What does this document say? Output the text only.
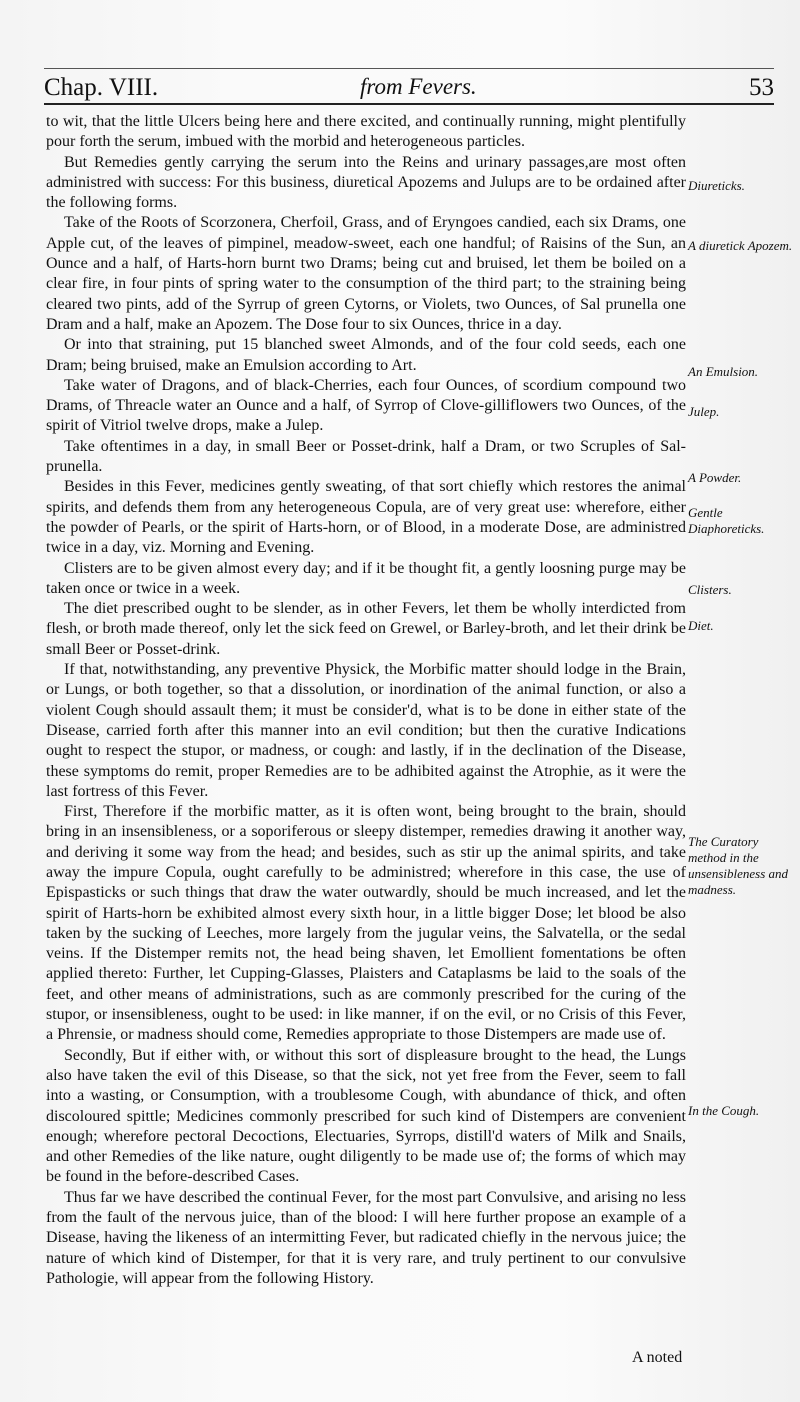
Chap. VIII.	from Fevers.	53

to wit, that the little Ulcers being here and there excited, and continually running, might plentifully pour forth the serum, imbued with the morbid and heterogeneous particles.

But Remedies gently carrying the serum into the Reins and urinary passages,are most often administred with success: For this business, diuretical Apozems and Julups are to be ordained after the following forms.

Take of the Roots of Scorzonera, Cherfoil, Grass, and of Eryngoes candied, each six Drams, one Apple cut, of the leaves of pimpinel, meadow-sweet, each one handful; of Raisins of the Sun, an Ounce and a half, of Harts-horn burnt two Drams; being cut and bruised, let them be boiled on a clear fire, in four pints of spring water to the consumption of the third part; to the straining being cleared two pints, add of the Syrrup of green Cytorns, or Violets, two Ounces, of Sal prunella one Dram and a half, make an Apozem. The Dose four to six Ounces, thrice in a day.

Or into that straining, put 15 blanched sweet Almonds, and of the four cold seeds, each one Dram; being bruised, make an Emulsion according to Art.

Take water of Dragons, and of black-Cherries, each four Ounces, of scordium compound two Drams, of Threacle water an Ounce and a half, of Syrrop of Clove-gilliflowers two Ounces, of the spirit of Vitriol twelve drops, make a Julep.

Take oftentimes in a day, in small Beer or Posset-drink, half a Dram, or two Scruples of Sal-prunella.

Besides in this Fever, medicines gently sweating, of that sort chiefly which restores the animal spirits, and defends them from any heterogeneous Copula, are of very great use: wherefore, either the powder of Pearls, or the spirit of Harts-horn, or of Blood, in a moderate Dose, are administred twice in a day, viz. Morning and Evening.

Clisters are to be given almost every day; and if it be thought fit, a gently loosning purge may be taken once or twice in a week.

The diet prescribed ought to be slender, as in other Fevers, let them be wholly interdicted from flesh, or broth made thereof, only let the sick feed on Grewel, or Barley-broth, and let their drink be small Beer or Posset-drink.

If that, notwithstanding, any preventive Physick, the Morbific matter should lodge in the Brain, or Lungs, or both together, so that a dissolution, or inordination of the animal function, or also a violent Cough should assault them; it must be consider'd, what is to be done in either state of the Disease, carried forth after this manner into an evil condition; but then the curative Indications ought to respect the stupor, or madness, or cough: and lastly, if in the declination of the Disease, these symptoms do remit, proper Remedies are to be adhibited against the Atrophie, as it were the last fortress of this Fever.

First, Therefore if the morbific matter, as it is often wont, being brought to the brain, should bring in an insensibleness, or a soporiferous or sleepy distemper, remedies drawing it another way, and deriving it some way from the head; and besides, such as stir up the animal spirits, and take away the impure Copula, ought carefully to be administred; wherefore in this case, the use of Epispasticks or such things that draw the water outwardly, should be much increased, and let the spirit of Harts-horn be exhibited almost every sixth hour, in a little bigger Dose; let blood be also taken by the sucking of Leeches, more largely from the jugular veins, the Salvatella, or the sedal veins. If the Distemper remits not, the head being shaven, let Emollient fomentations be often applied thereto: Further, let Cupping-Glasses, Plaisters and Cataplasms be laid to the soals of the feet, and other means of administrations, such as are commonly prescribed for the curing of the stupor, or insensibleness, ought to be used: in like manner, if on the evil, or no Crisis of this Fever, a Phrensie, or madness should come, Remedies appropriate to those Distempers are made use of.

Secondly, But if either with, or without this sort of displeasure brought to the head, the Lungs also have taken the evil of this Disease, so that the sick, not yet free from the Fever, seem to fall into a wasting, or Consumption, with a troublesome Cough, with abundance of thick, and often discoloured spittle; Medicines commonly prescribed for such kind of Distempers are convenient enough; wherefore pectoral Decoctions, Electuaries, Syrrops, distill'd waters of Milk and Snails, and other Remedies of the like nature, ought diligently to be made use of; the forms of which may be found in the before-described Cases.

Thus far we have described the continual Fever, for the most part Convulsive, and arising no less from the fault of the nervous juice, than of the blood: I will here further propose an example of a Disease, having the likeness of an intermitting Fever, but radicated chiefly in the nervous juice; the nature of which kind of Distemper, for that it is very rare, and truly pertinent to our convulsive Pathologie, will appear from the following History.

Diureticks.
A diuretick Apozem.
An Emulsion.
Julep.
A Powder.
Gentle Diaphoreticks.
Clisters.
Diet.
The Curatory method in the unsensibleness and madness.
In the Cough.
A noted
